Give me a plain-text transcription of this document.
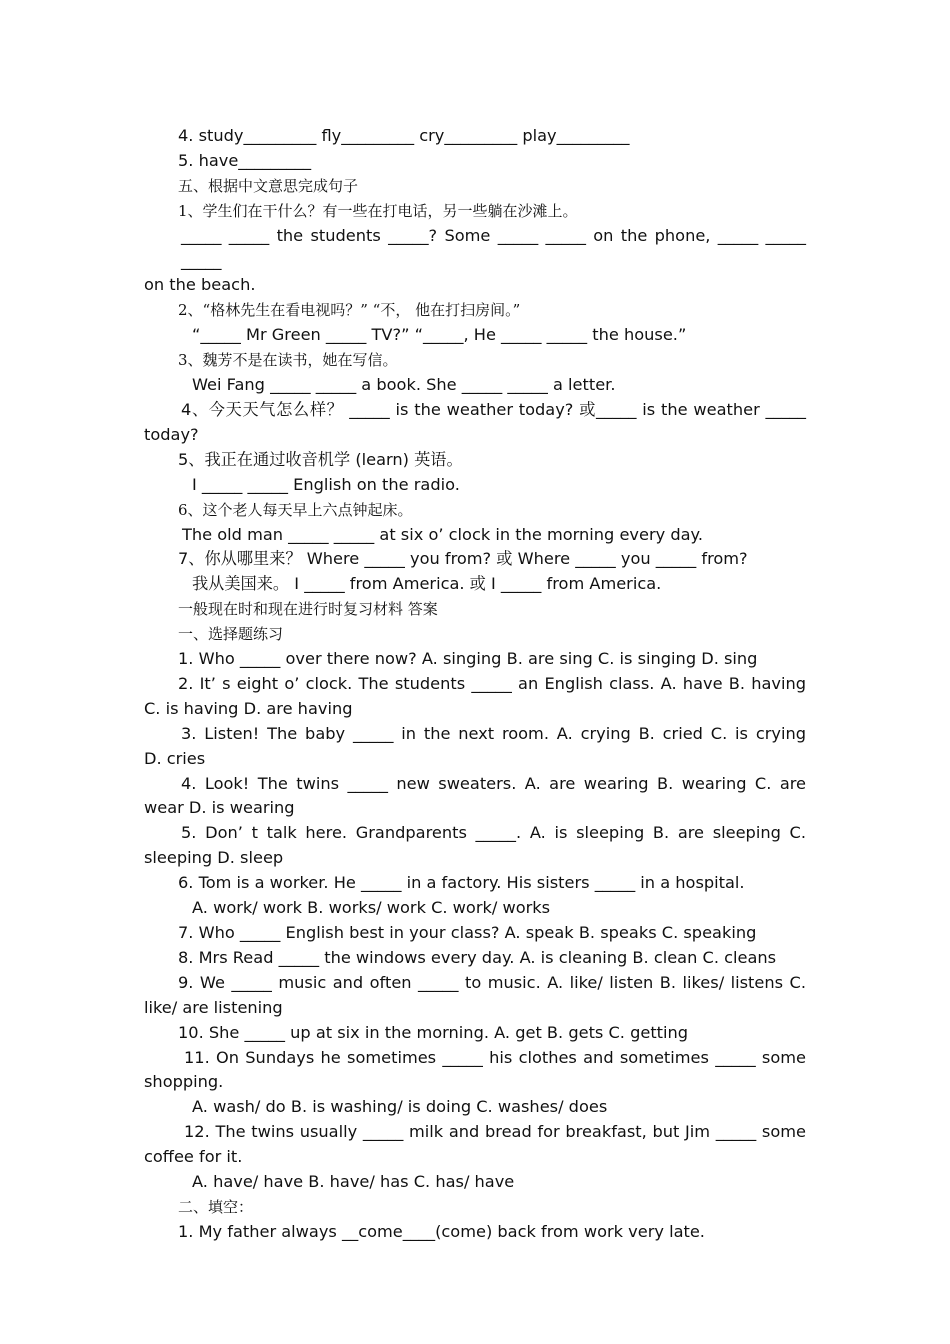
4. study_________ fly_________ cry_________ play_________
5. have_________
五、根据中文意思完成句子
1、学生们在干什么？有一些在打电话，另一些躺在沙滩上。
_____ _____ the students _____? Some _____ _____ on the phone, _____ _____ _____
on the beach.
2、“格林先生在看电视吗？” “不， 他在打扫房间。”
“_____ Mr Green _____ TV?” “_____, He _____ _____ the house.”
3、魏芳不是在读书，她在写信。
Wei Fang _____ _____ a book. She _____ _____ a letter.
4、今天天气怎么样？ _____ is the weather today? 或_____ is the weather _____
today?
5、我正在通过收音机学 (learn) 英语。
I _____ _____ English on the radio.
6、这个老人每天早上六点钟起床。
The old man _____ _____ at six o’ clock in the morning every day.
7、你从哪里来？ Where _____ you from? 或 Where _____ you _____ from?
我从美国来。 I _____ from America. 或 I _____ from America.
一般现在时和现在进行时复习材料 答案
一、选择题练习
1. Who _____ over there now? A. singing B. are sing C. is singing D. sing
2. It’ s eight o’ clock. The students _____ an English class. A. have B. having
C. is having D. are having
3. Listen! The baby _____ in the next room. A. crying B. cried C. is crying
D. cries
4. Look! The twins _____ new sweaters. A. are wearing B. wearing C. are
wear D. is wearing
5. Don’ t talk here. Grandparents _____. A. is sleeping B. are sleeping C.
sleeping D. sleep
6. Tom is a worker. He _____ in a factory. His sisters _____ in a hospital.
A. work/ work B. works/ work C. work/ works
7. Who _____ English best in your class? A. speak B. speaks C. speaking
8. Mrs Read _____ the windows every day. A. is cleaning B. clean C. cleans
9. We _____ music and often _____ to music. A. like/ listen B. likes/ listens C.
like/ are listening
10. She _____ up at six in the morning. A. get B. gets C. getting
11. On Sundays he sometimes _____ his clothes and sometimes _____ some
shopping.
A. wash/ do B. is washing/ is doing C. washes/ does
12. The twins usually _____ milk and bread for breakfast, but Jim _____ some
coffee for it.
A. have/ have B. have/ has C. has/ have
二、填空：
1. My father always __come____(come) back from work very late.
